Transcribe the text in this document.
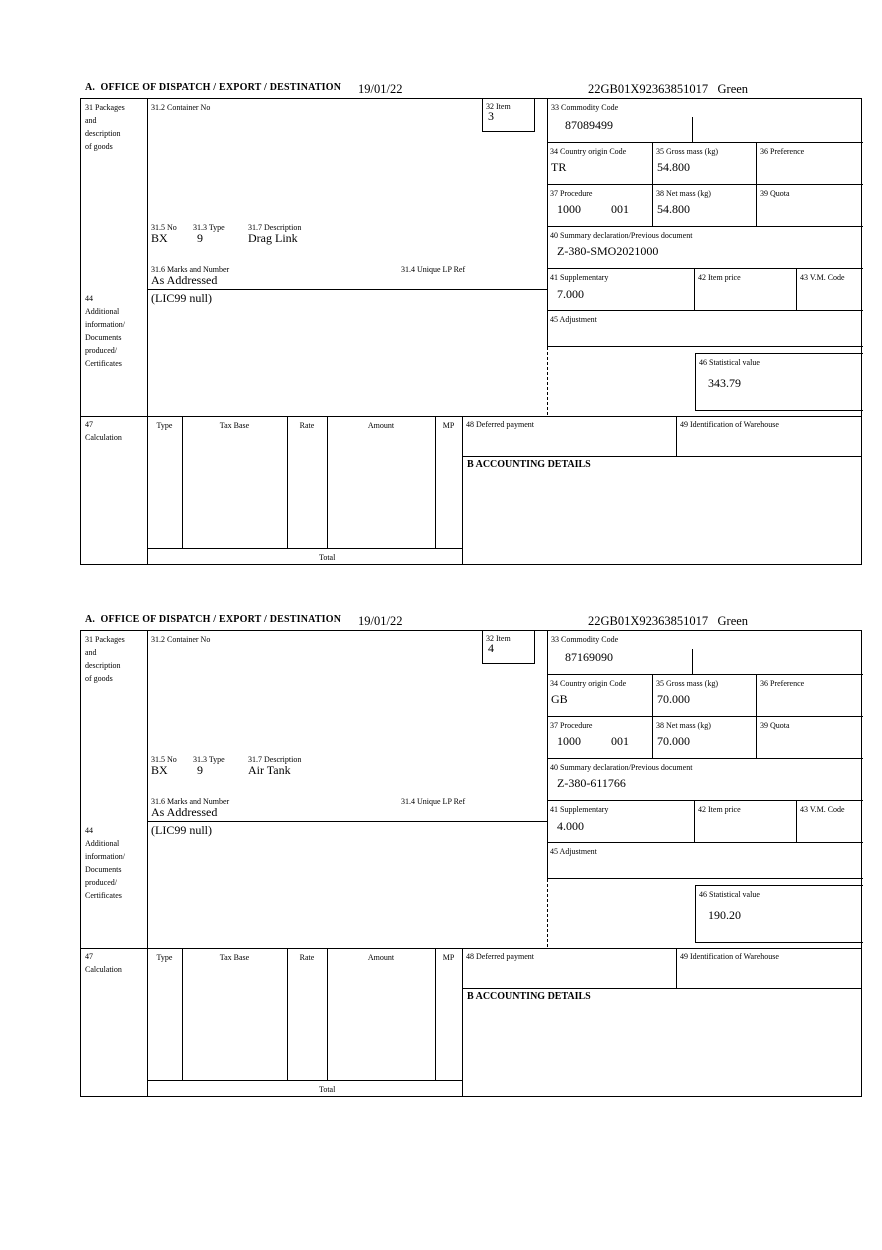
A.  OFFICE OF DISPATCH / EXPORT / DESTINATION 19/01/22	22GB01X92363851017   Green
31 Packages
and
description
of goods
44
Additional
information/
Documents
produced/
Certificates
47
Calculation
31.2 Container No	32 Item
3
31.5 No 31.3 Type	31.7 Description
BX 9	Drag Link
31.6 Marks and Number	31.4 Unique LP Ref
As Addressed
(LIC99 null)
33 Commodity Code
87089499
34 Country origin Code
TR
35 Gross mass (kg)
54.800
36 Preference
37 Procedure
1000	001
38 Net mass (kg)
54.800
39 Quota
40 Summary declaration/Previous document
Z-380-SMO2021000
41 Supplementary
7.000
42 Item price	43 V.M. Code
45 Adjustment
46 Statistical value
343.79
Type	Tax Base	Rate	Amount	MP
Total
48 Deferred payment	49 Identification of Warehouse
B ACCOUNTING DETAILS
A.  OFFICE OF DISPATCH / EXPORT / DESTINATION 19/01/22	22GB01X92363851017   Green
31 Packages
and
description
of goods
44
Additional
information/
Documents
produced/
Certificates
47
Calculation
31.2 Container No	32 Item
4
31.5 No 31.3 Type	31.7 Description
BX 9	Air Tank
31.6 Marks and Number	31.4 Unique LP Ref
As Addressed
(LIC99 null)
33 Commodity Code
87169090
34 Country origin Code
GB
35 Gross mass (kg)
70.000
36 Preference
37 Procedure
1000	001
38 Net mass (kg)
70.000
39 Quota
40 Summary declaration/Previous document
Z-380-611766
41 Supplementary
4.000
42 Item price	43 V.M. Code
45 Adjustment
46 Statistical value
190.20
Type	Tax Base	Rate	Amount	MP
Total
48 Deferred payment	49 Identification of Warehouse
B ACCOUNTING DETAILS
